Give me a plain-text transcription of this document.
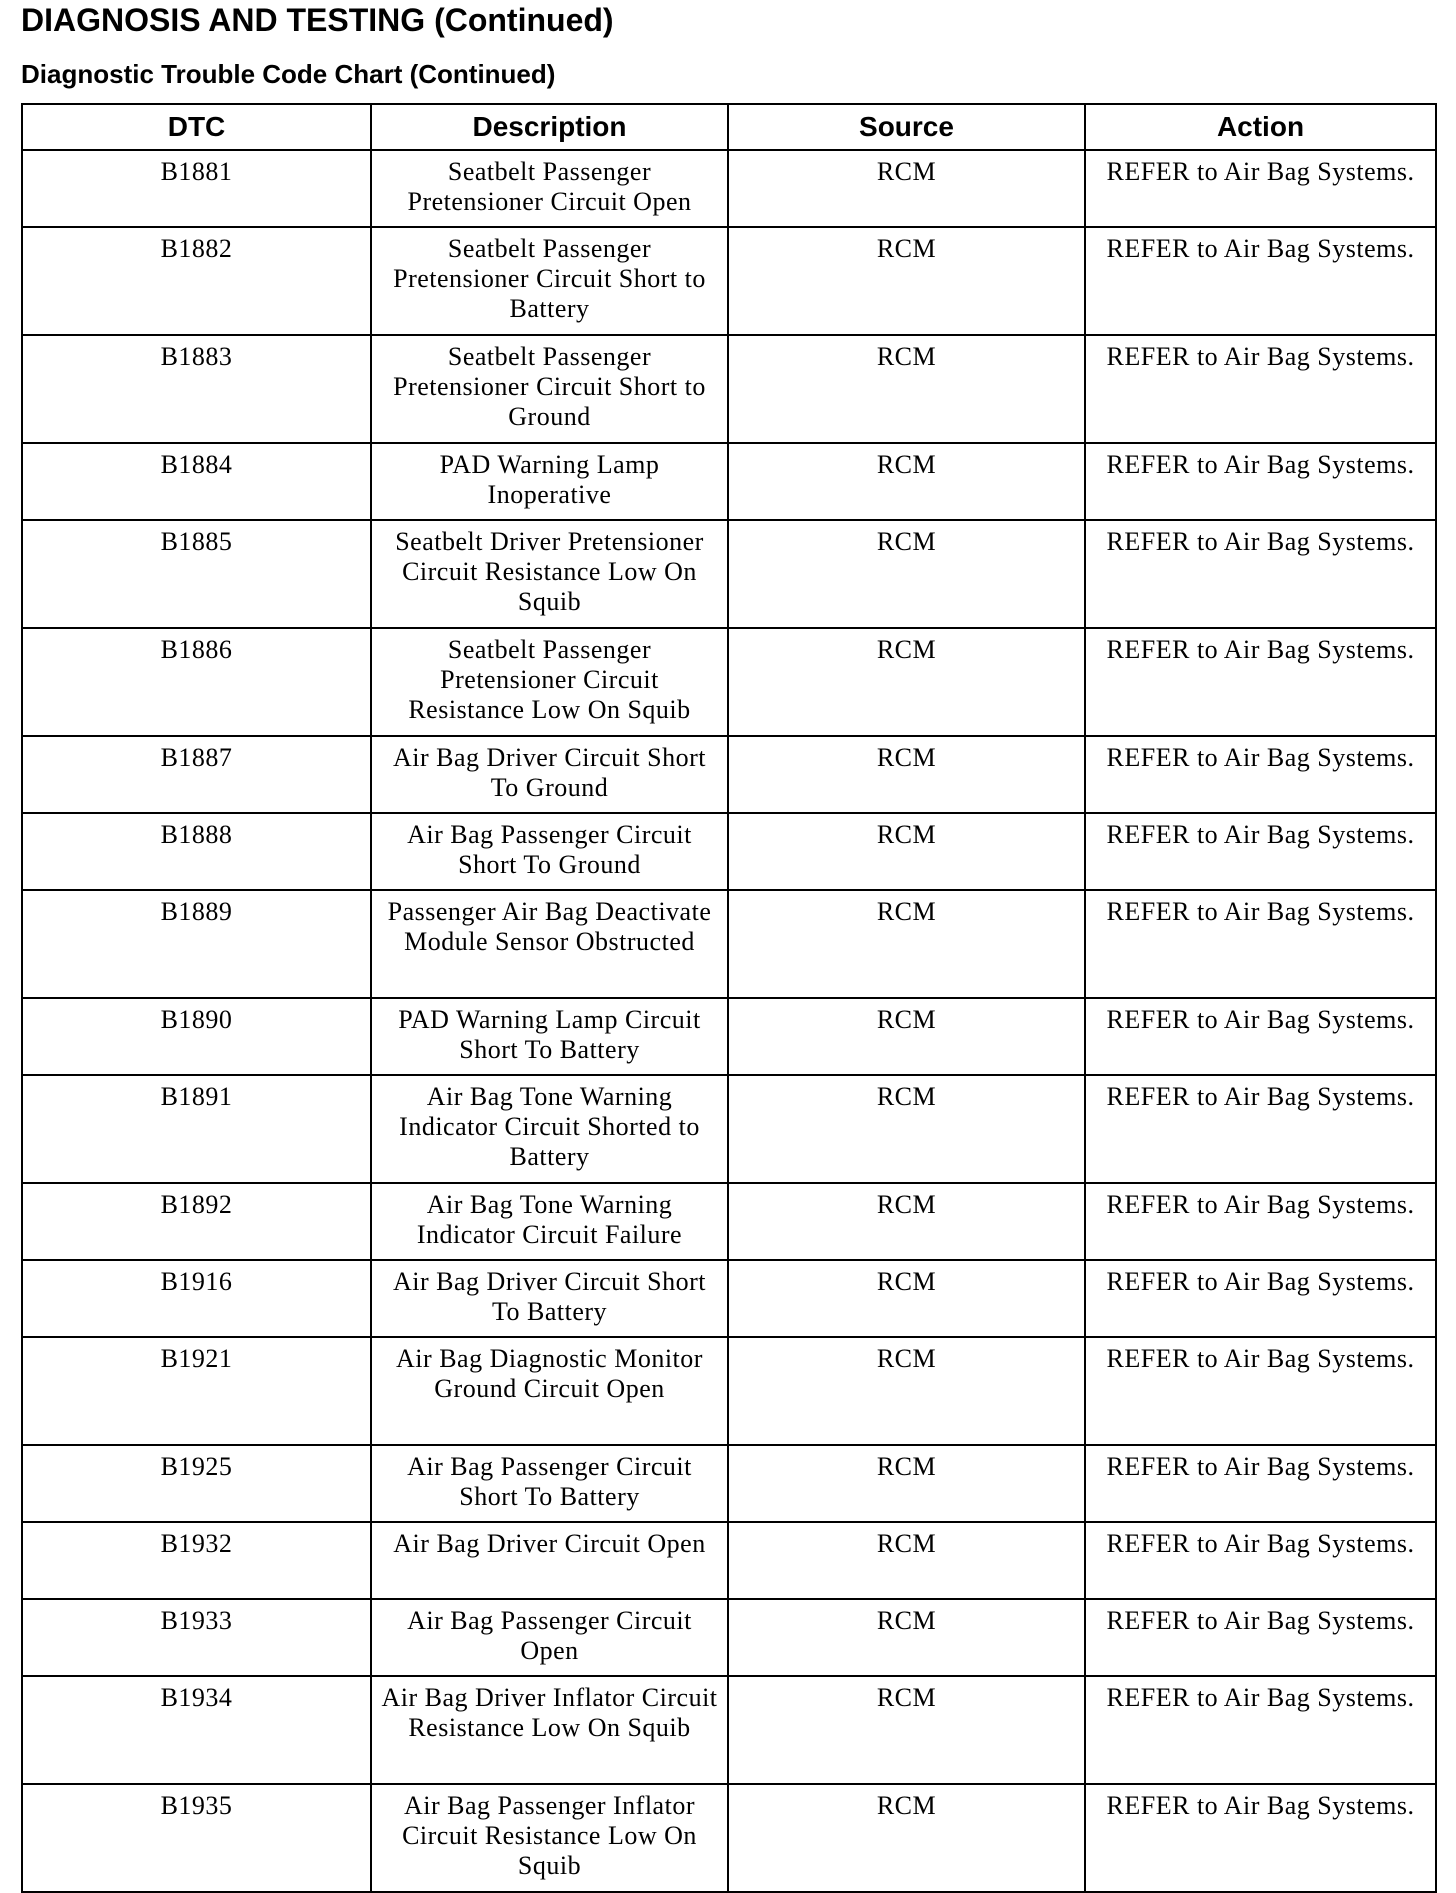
DIAGNOSIS AND TESTING (Continued)
Diagnostic Trouble Code Chart (Continued)
DTC	Description	Source	Action
B1881	Seatbelt Passenger Pretensioner Circuit Open	RCM	REFER to Air Bag Systems.
B1882	Seatbelt Passenger Pretensioner Circuit Short to Battery	RCM	REFER to Air Bag Systems.
B1883	Seatbelt Passenger Pretensioner Circuit Short to Ground	RCM	REFER to Air Bag Systems.
B1884	PAD Warning Lamp Inoperative	RCM	REFER to Air Bag Systems.
B1885	Seatbelt Driver Pretensioner Circuit Resistance Low On Squib	RCM	REFER to Air Bag Systems.
B1886	Seatbelt Passenger Pretensioner Circuit Resistance Low On Squib	RCM	REFER to Air Bag Systems.
B1887	Air Bag Driver Circuit Short To Ground	RCM	REFER to Air Bag Systems.
B1888	Air Bag Passenger Circuit Short To Ground	RCM	REFER to Air Bag Systems.
B1889	Passenger Air Bag Deactivate Module Sensor Obstructed	RCM	REFER to Air Bag Systems.
B1890	PAD Warning Lamp Circuit Short To Battery	RCM	REFER to Air Bag Systems.
B1891	Air Bag Tone Warning Indicator Circuit Shorted to Battery	RCM	REFER to Air Bag Systems.
B1892	Air Bag Tone Warning Indicator Circuit Failure	RCM	REFER to Air Bag Systems.
B1916	Air Bag Driver Circuit Short To Battery	RCM	REFER to Air Bag Systems.
B1921	Air Bag Diagnostic Monitor Ground Circuit Open	RCM	REFER to Air Bag Systems.
B1925	Air Bag Passenger Circuit Short To Battery	RCM	REFER to Air Bag Systems.
B1932	Air Bag Driver Circuit Open	RCM	REFER to Air Bag Systems.
B1933	Air Bag Passenger Circuit Open	RCM	REFER to Air Bag Systems.
B1934	Air Bag Driver Inflator Circuit Resistance Low On Squib	RCM	REFER to Air Bag Systems.
B1935	Air Bag Passenger Inflator Circuit Resistance Low On Squib	RCM	REFER to Air Bag Systems.
